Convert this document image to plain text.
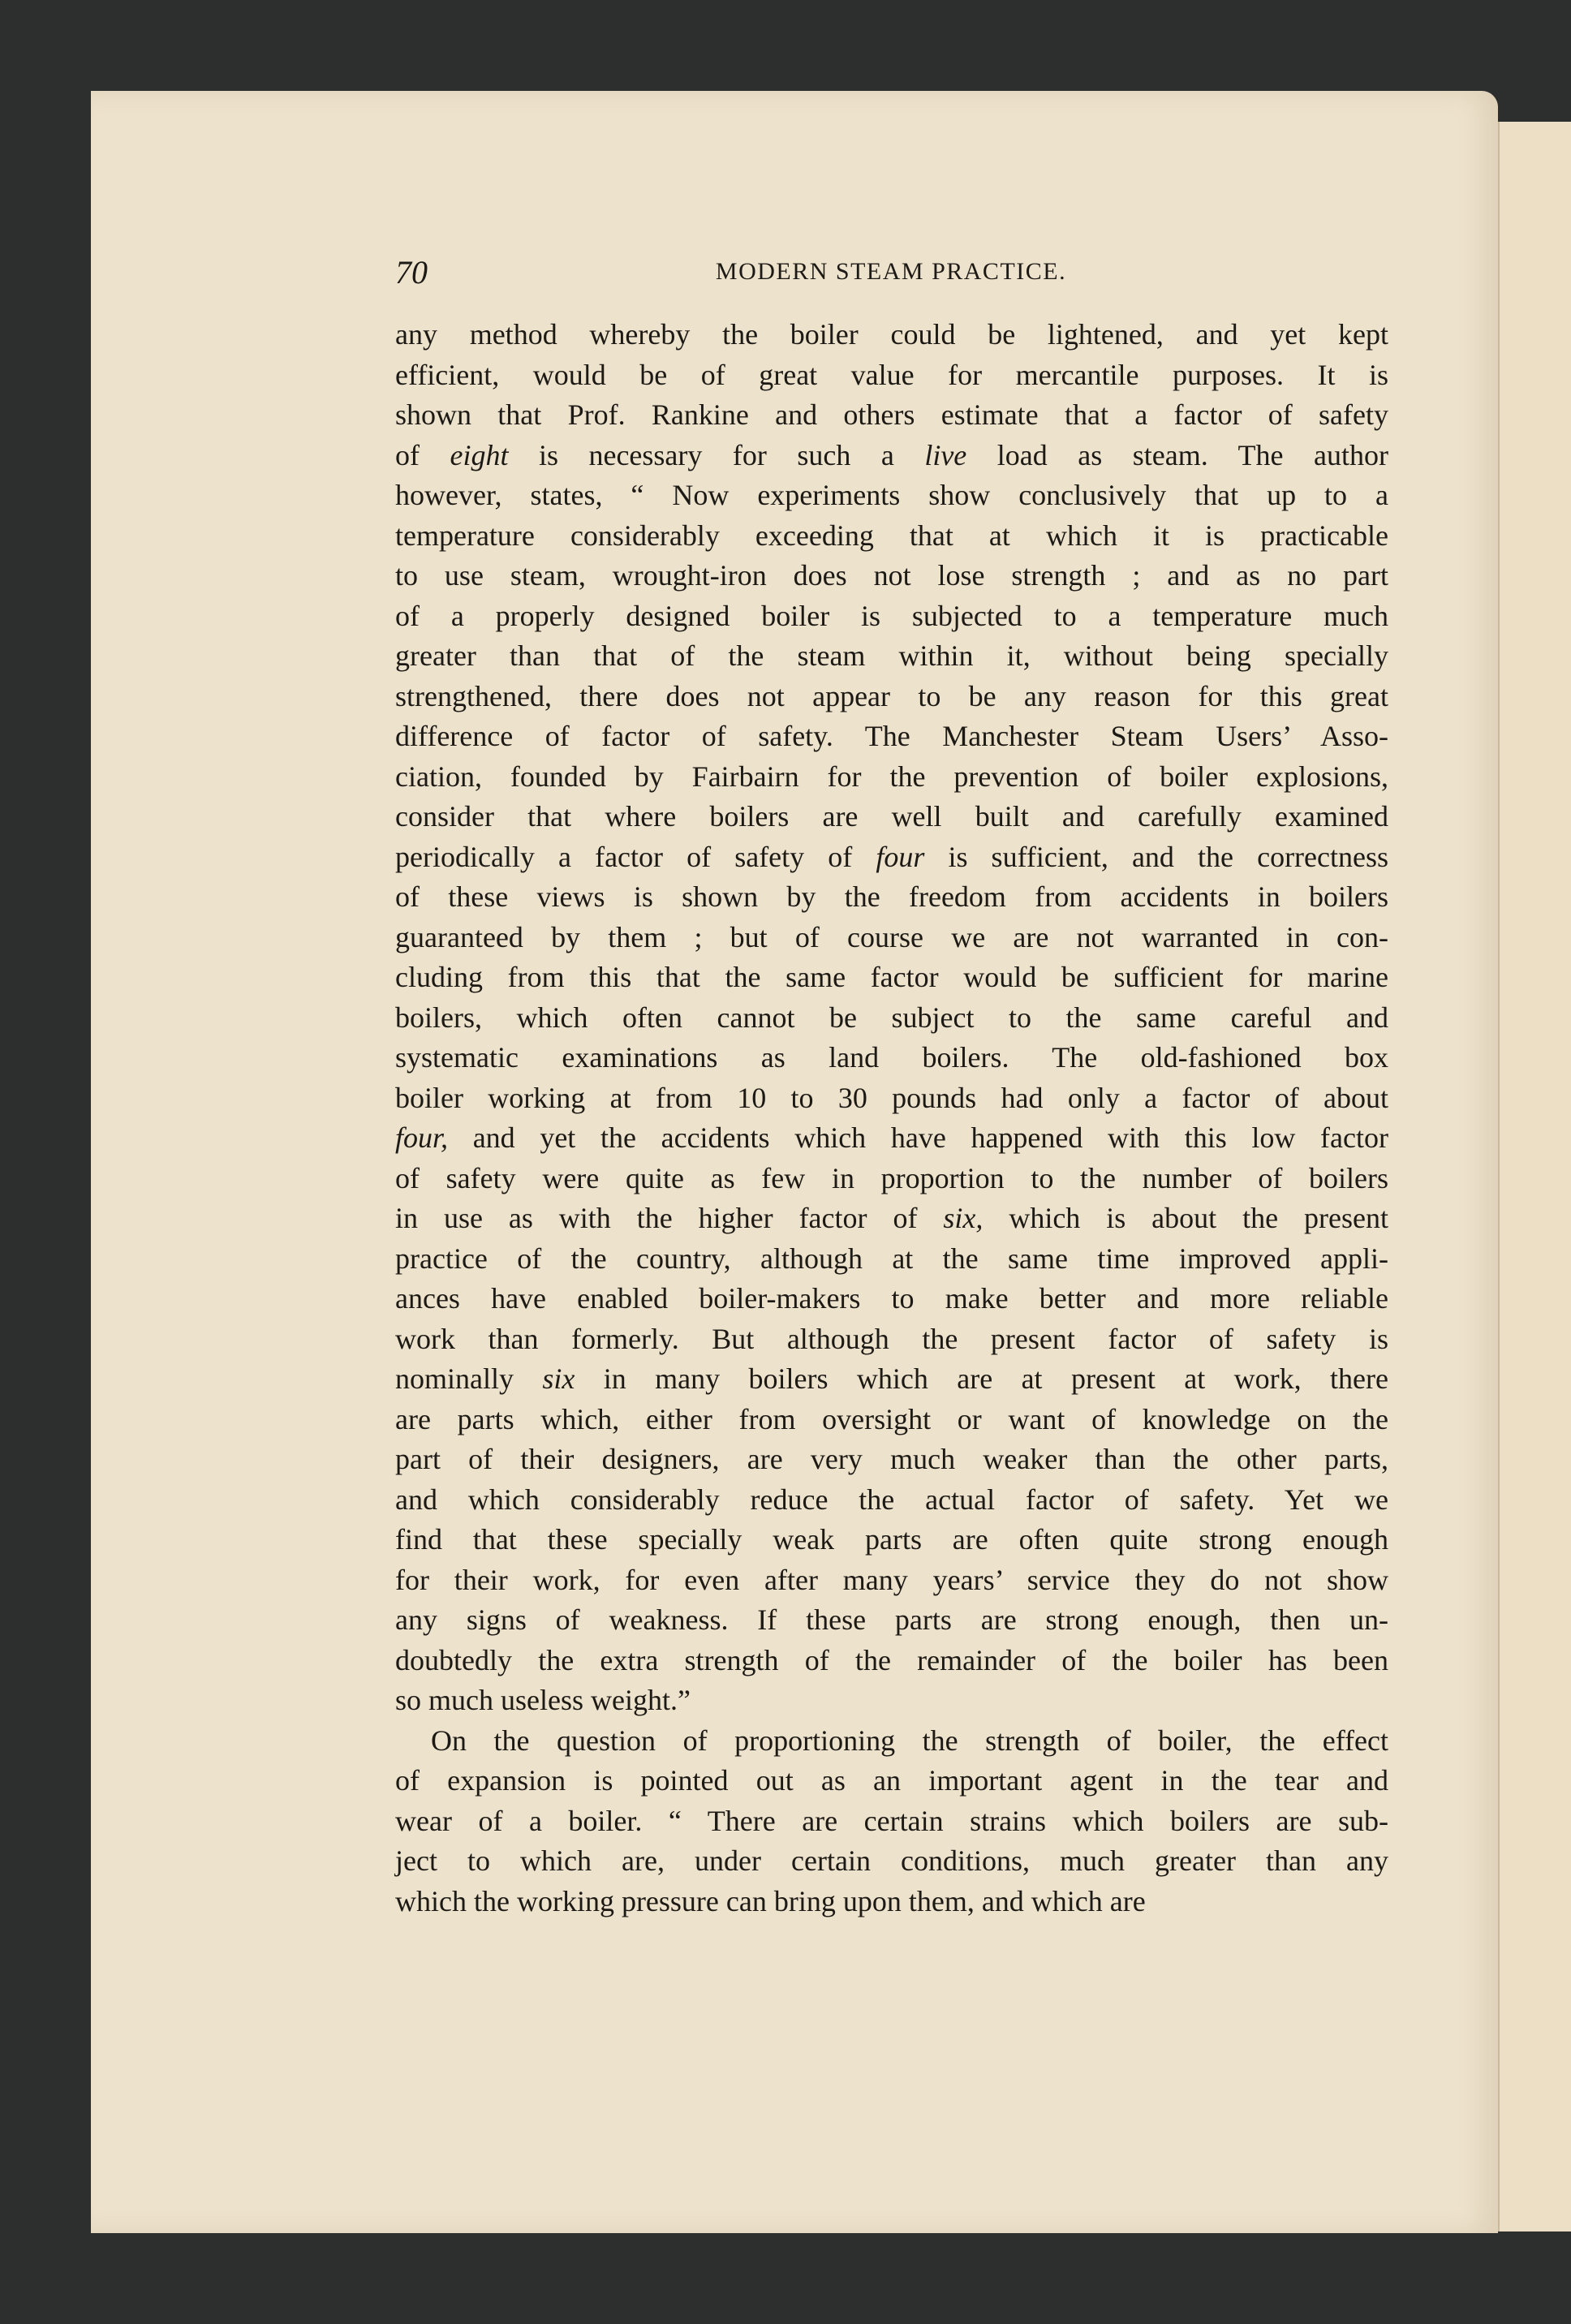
70	MODERN STEAM PRACTICE.
any method whereby the boiler could be lightened, and yet kept
efficient, would be of great value for mercantile purposes. It is
shown that Prof. Rankine and others estimate that a factor of safety
of eight is necessary for such a live load as steam. The author
however, states, “ Now experiments show conclusively that up to a
temperature considerably exceeding that at which it is practicable
to use steam, wrought-iron does not lose strength ; and as no part
of a properly designed boiler is subjected to a temperature much
greater than that of the steam within it, without being specially
strengthened, there does not appear to be any reason for this great
difference of factor of safety. The Manchester Steam Users’ Asso-
ciation, founded by Fairbairn for the prevention of boiler explosions,
consider that where boilers are well built and carefully examined
periodically a factor of safety of four is sufficient, and the correctness
of these views is shown by the freedom from accidents in boilers
guaranteed by them ; but of course we are not warranted in con-
cluding from this that the same factor would be sufficient for marine
boilers, which often cannot be subject to the same careful and
systematic examinations as land boilers. The old-fashioned box
boiler working at from 10 to 30 pounds had only a factor of about
four, and yet the accidents which have happened with this low factor
of safety were quite as few in proportion to the number of boilers
in use as with the higher factor of six, which is about the present
practice of the country, although at the same time improved appli-
ances have enabled boiler-makers to make better and more reliable
work than formerly. But although the present factor of safety is
nominally six in many boilers which are at present at work, there
are parts which, either from oversight or want of knowledge on the
part of their designers, are very much weaker than the other parts,
and which considerably reduce the actual factor of safety. Yet we
find that these specially weak parts are often quite strong enough
for their work, for even after many years’ service they do not show
any signs of weakness. If these parts are strong enough, then un-
doubtedly the extra strength of the remainder of the boiler has been
so much useless weight.”
On the question of proportioning the strength of boiler, the effect
of expansion is pointed out as an important agent in the tear and
wear of a boiler. “ There are certain strains which boilers are sub-
ject to which are, under certain conditions, much greater than any
which the working pressure can bring upon them, and which are
